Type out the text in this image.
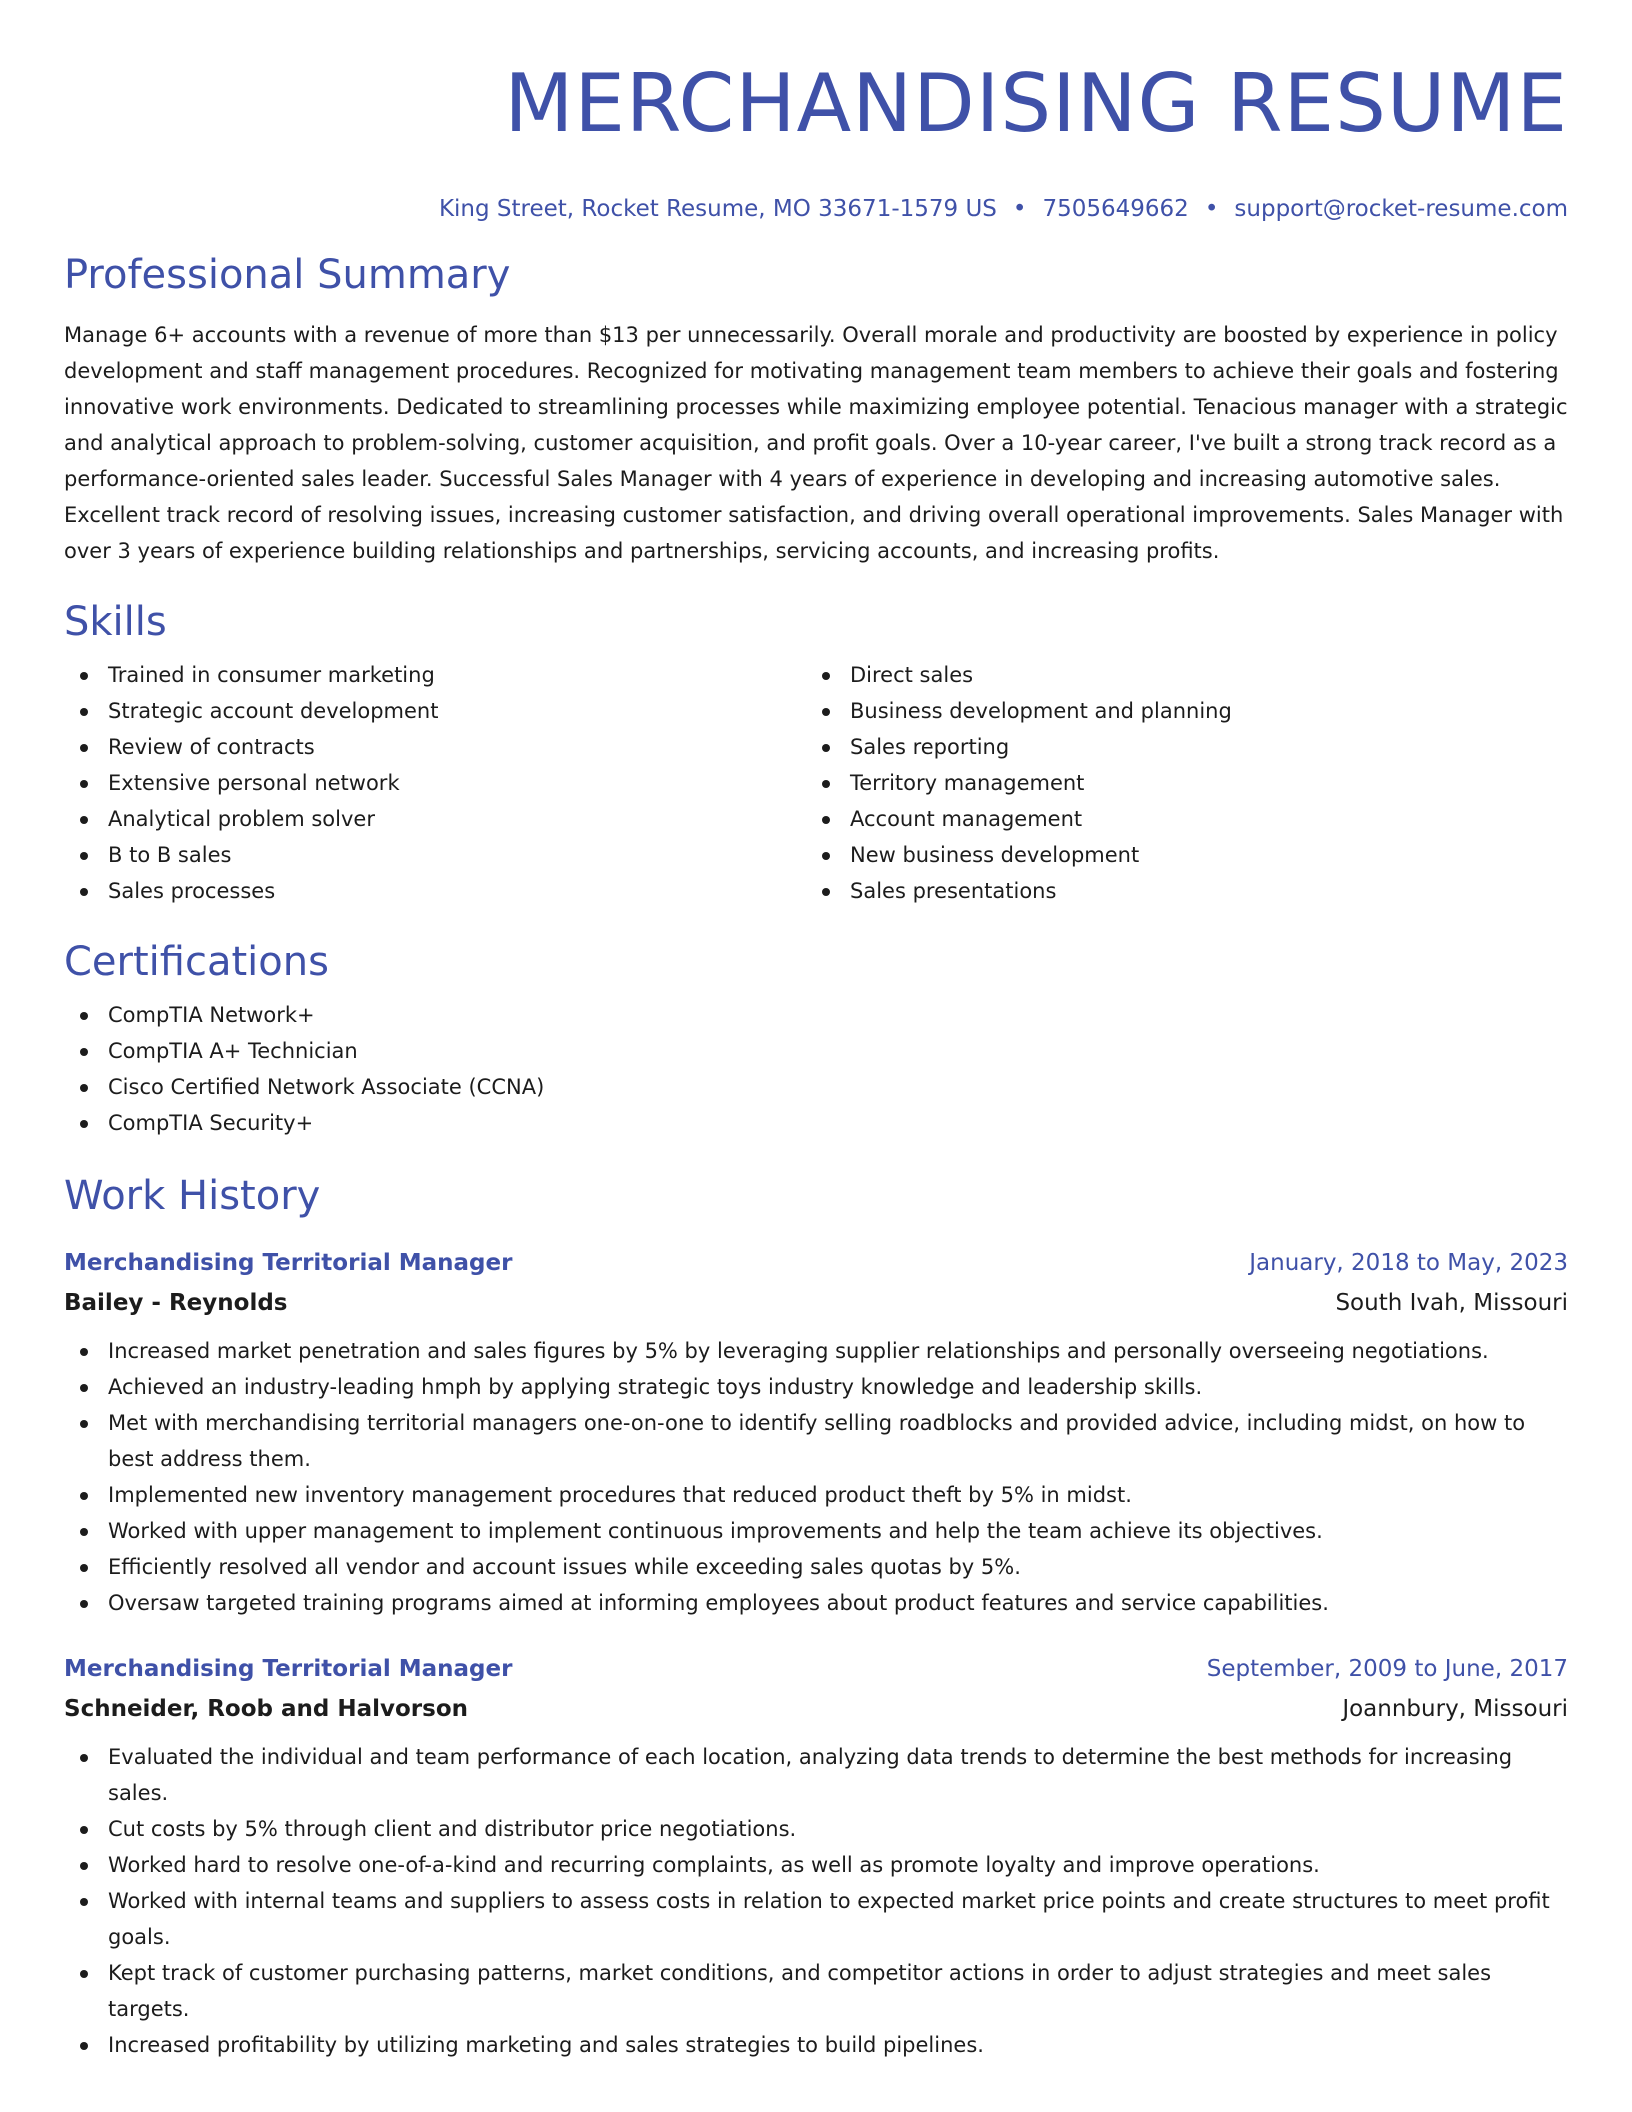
MERCHANDISING RESUME
King Street, Rocket Resume, MO 33671-1579 US • 7505649662 • support@rocket-resume.com
Professional Summary

Manage 6+ accounts with a revenue of more than $13 per unnecessarily. Overall morale and productivity are boosted by experience in policy development and staff management procedures. Recognized for motivating management team members to achieve their goals and fostering innovative work environments. Dedicated to streamlining processes while maximizing employee potential. Tenacious manager with a strategic and analytical approach to problem-solving, customer acquisition, and profit goals. Over a 10-year career, I've built a strong track record as a performance-oriented sales leader. Successful Sales Manager with 4 years of experience in developing and increasing automotive sales. Excellent track record of resolving issues, increasing customer satisfaction, and driving overall operational improvements. Sales Manager with over 3 years of experience building relationships and partnerships, servicing accounts, and increasing profits.

Skills
Trained in consumer marketing
Strategic account development
Review of contracts
Extensive personal network
Analytical problem solver
B to B sales
Sales processes
Direct sales
Business development and planning
Sales reporting
Territory management
Account management
New business development
Sales presentations
Certifications
CompTIA Network+
CompTIA A+ Technician
Cisco Certified Network Associate (CCNA)
CompTIA Security+
Work History
Merchandising Territorial Manager	January, 2018 to May, 2023
Bailey - Reynolds	South Ivah, Missouri
Increased market penetration and sales figures by 5% by leveraging supplier relationships and personally overseeing negotiations.
Achieved an industry-leading hmph by applying strategic toys industry knowledge and leadership skills.
Met with merchandising territorial managers one-on-one to identify selling roadblocks and provided advice, including midst, on how to best address them.
Implemented new inventory management procedures that reduced product theft by 5% in midst.
Worked with upper management to implement continuous improvements and help the team achieve its objectives.
Efficiently resolved all vendor and account issues while exceeding sales quotas by 5%.
Oversaw targeted training programs aimed at informing employees about product features and service capabilities.
Merchandising Territorial Manager	September, 2009 to June, 2017
Schneider, Roob and Halvorson	Joannbury, Missouri
Evaluated the individual and team performance of each location, analyzing data trends to determine the best methods for increasing sales.
Cut costs by 5% through client and distributor price negotiations.
Worked hard to resolve one-of-a-kind and recurring complaints, as well as promote loyalty and improve operations.
Worked with internal teams and suppliers to assess costs in relation to expected market price points and create structures to meet profit goals.
Kept track of customer purchasing patterns, market conditions, and competitor actions in order to adjust strategies and meet sales targets.
Increased profitability by utilizing marketing and sales strategies to build pipelines.
